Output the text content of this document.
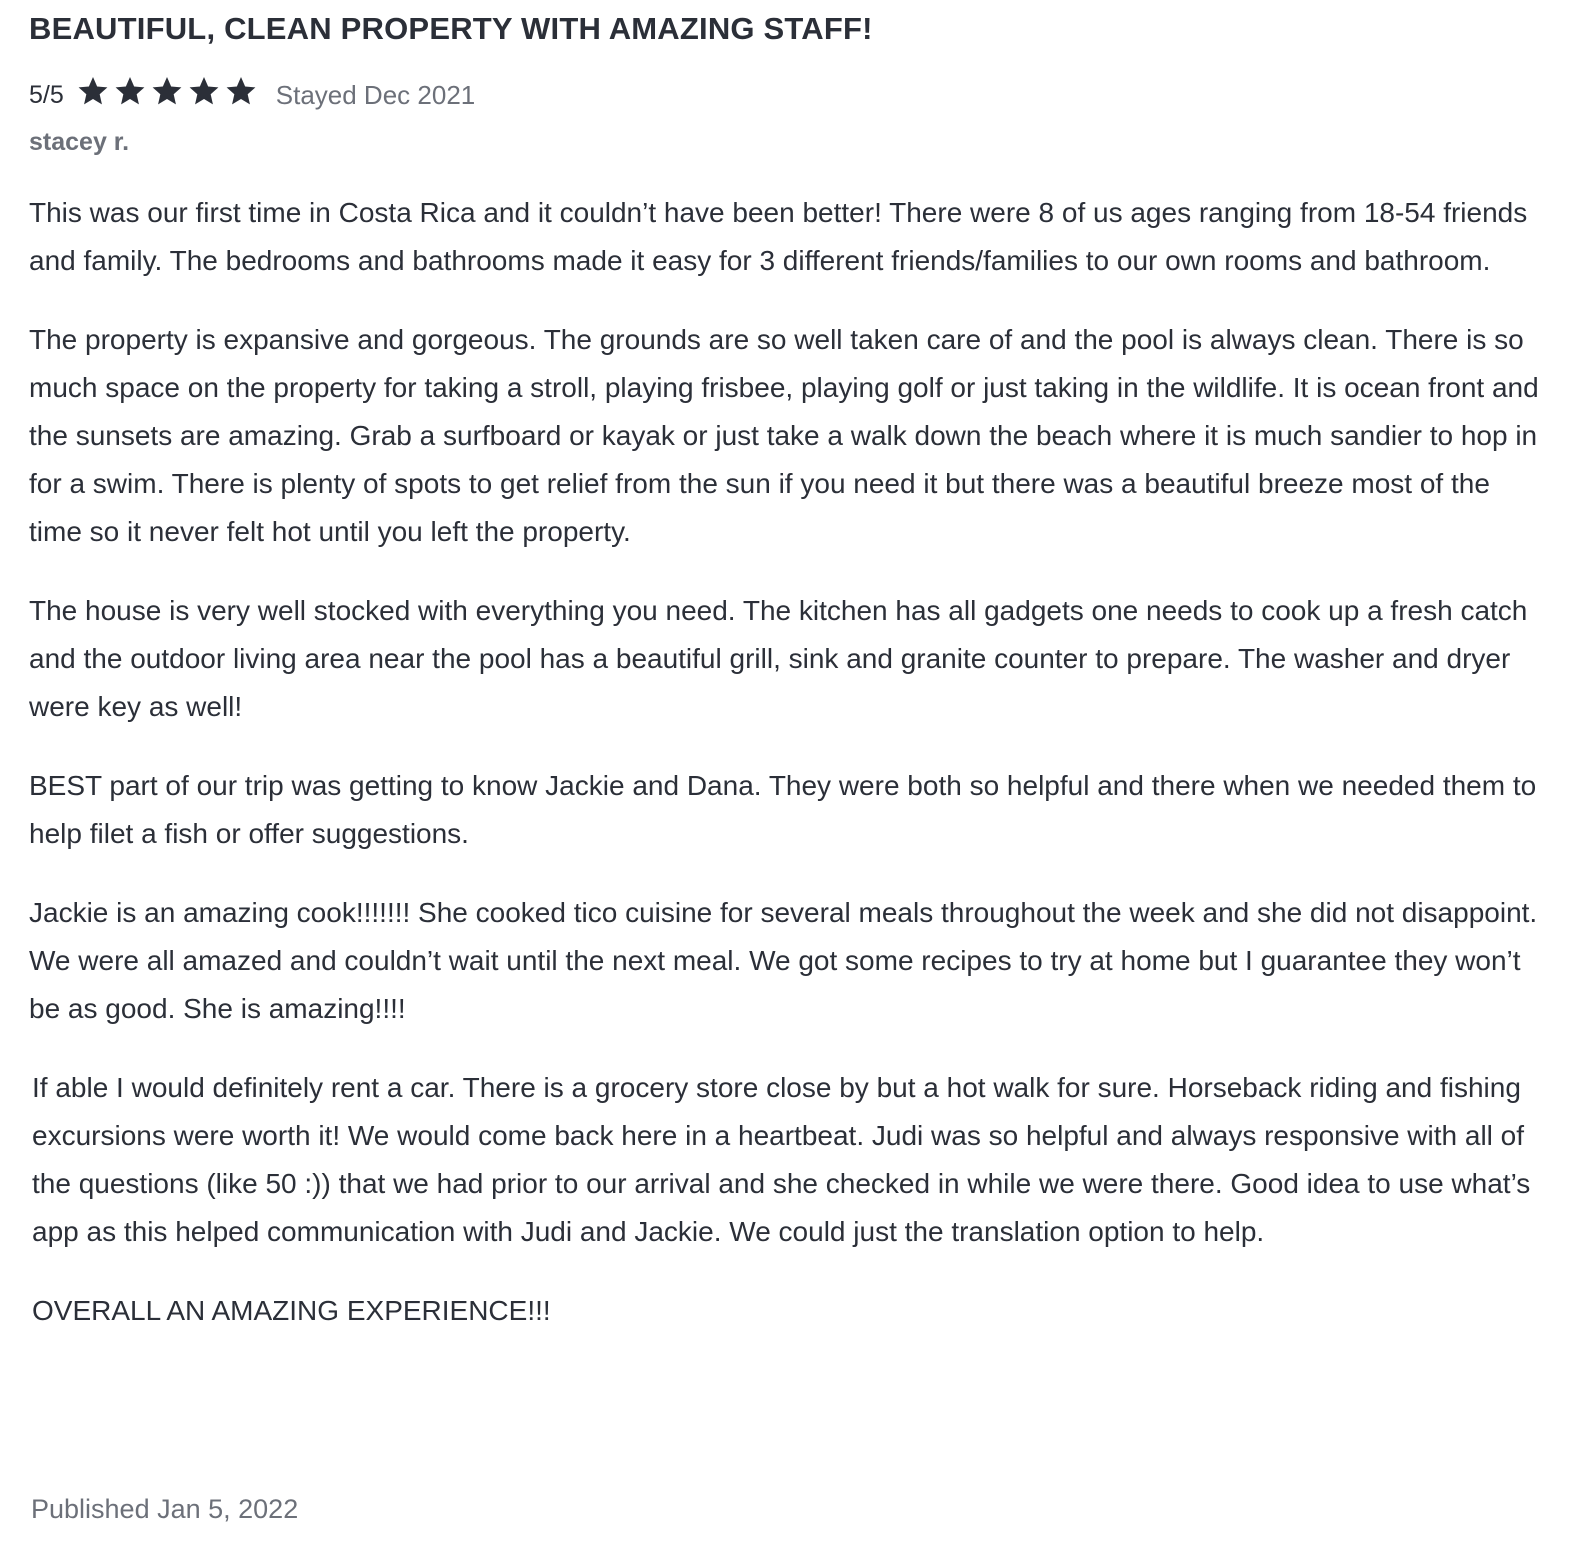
BEAUTIFUL, CLEAN PROPERTY WITH AMAZING STAFF!
5/5	Stayed Dec 2021
stacey r.

This was our first time in Costa Rica and it couldn’t have been better! There were 8 of us ages ranging from 18-54 friends and family. The bedrooms and bathrooms made it easy for 3 different friends/families to our own rooms and bathroom.

The property is expansive and gorgeous. The grounds are so well taken care of and the pool is always clean. There is so much space on the property for taking a stroll, playing frisbee, playing golf or just taking in the wildlife. It is ocean front and the sunsets are amazing. Grab a surfboard or kayak or just take a walk down the beach where it is much sandier to hop in for a swim. There is plenty of spots to get relief from the sun if you need it but there was a beautiful breeze most of the time so it never felt hot until you left the property.

The house is very well stocked with everything you need. The kitchen has all gadgets one needs to cook up a fresh catch and the outdoor living area near the pool has a beautiful grill, sink and granite counter to prepare. The washer and dryer were key as well!

BEST part of our trip was getting to know Jackie and Dana. They were both so helpful and there when we needed them to help filet a fish or offer suggestions.

Jackie is an amazing cook!!!!!!! She cooked tico cuisine for several meals throughout the week and she did not disappoint. We were all amazed and couldn’t wait until the next meal. We got some recipes to try at home but I guarantee they won’t be as good. She is amazing!!!!

If able I would definitely rent a car. There is a grocery store close by but a hot walk for sure. Horseback riding and fishing excursions were worth it! We would come back here in a heartbeat. Judi was so helpful and always responsive with all of the questions (like 50 :)) that we had prior to our arrival and she checked in while we were there. Good idea to use what’s app as this helped communication with Judi and Jackie. We could just the translation option to help.

OVERALL AN AMAZING EXPERIENCE!!!

Published Jan 5, 2022
